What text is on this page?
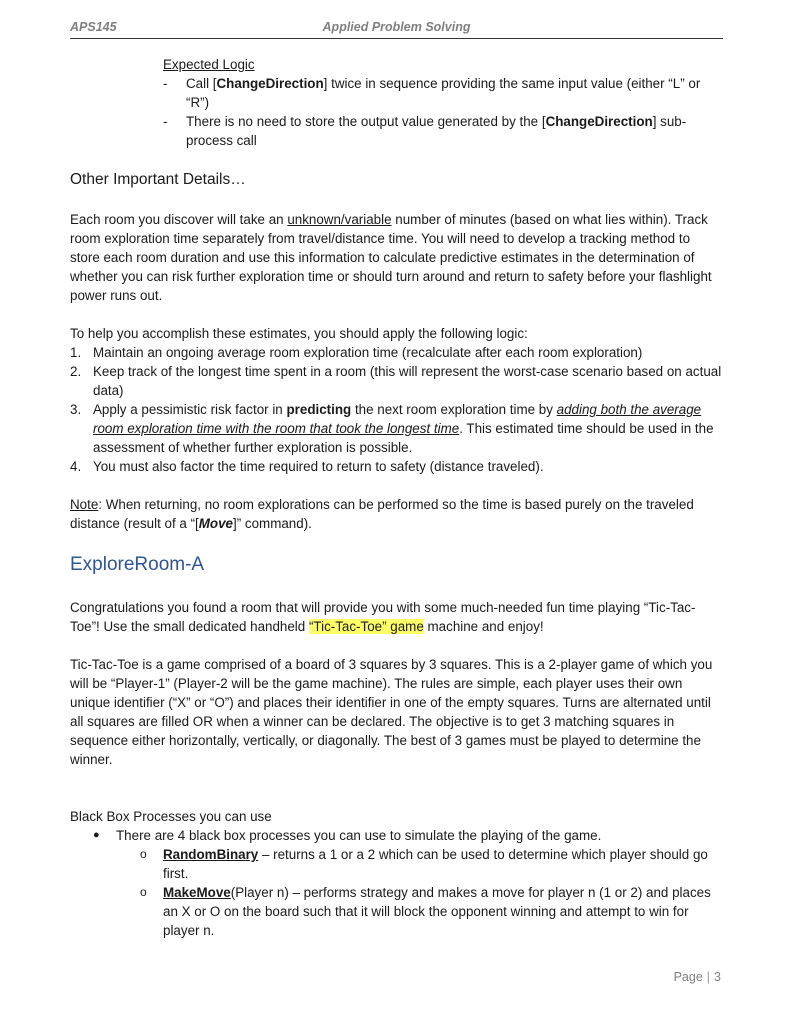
APS145	Applied Problem Solving
Expected Logic
- Call [ChangeDirection] twice in sequence providing the same input value (either “L” or “R”)
- There is no need to store the output value generated by the [ChangeDirection] sub-process call
Other Important Details…
Each room you discover will take an unknown/variable number of minutes (based on what lies within). Track room exploration time separately from travel/distance time. You will need to develop a tracking method to store each room duration and use this information to calculate predictive estimates in the determination of whether you can risk further exploration time or should turn around and return to safety before your flashlight power runs out.
To help you accomplish these estimates, you should apply the following logic:
1. Maintain an ongoing average room exploration time (recalculate after each room exploration)
2. Keep track of the longest time spent in a room (this will represent the worst-case scenario based on actual data)
3. Apply a pessimistic risk factor in predicting the next room exploration time by adding both the average room exploration time with the room that took the longest time. This estimated time should be used in the assessment of whether further exploration is possible.
4. You must also factor the time required to return to safety (distance traveled).
Note: When returning, no room explorations can be performed so the time is based purely on the traveled distance (result of a “[Move]” command).
ExploreRoom-A
Congratulations you found a room that will provide you with some much-needed fun time playing “Tic-Tac-Toe”! Use the small dedicated handheld “Tic-Tac-Toe” game machine and enjoy!
Tic-Tac-Toe is a game comprised of a board of 3 squares by 3 squares. This is a 2-player game of which you will be “Player-1” (Player-2 will be the game machine). The rules are simple, each player uses their own unique identifier (“X” or “O”) and places their identifier in one of the empty squares. Turns are alternated until all squares are filled OR when a winner can be declared. The objective is to get 3 matching squares in sequence either horizontally, vertically, or diagonally. The best of 3 games must be played to determine the winner.
Black Box Processes you can use
● There are 4 black box processes you can use to simulate the playing of the game.
o RandomBinary – returns a 1 or a 2 which can be used to determine which player should go first.
o MakeMove(Player n) – performs strategy and makes a move for player n (1 or 2) and places an X or O on the board such that it will block the opponent winning and attempt to win for player n.
Page | 3
